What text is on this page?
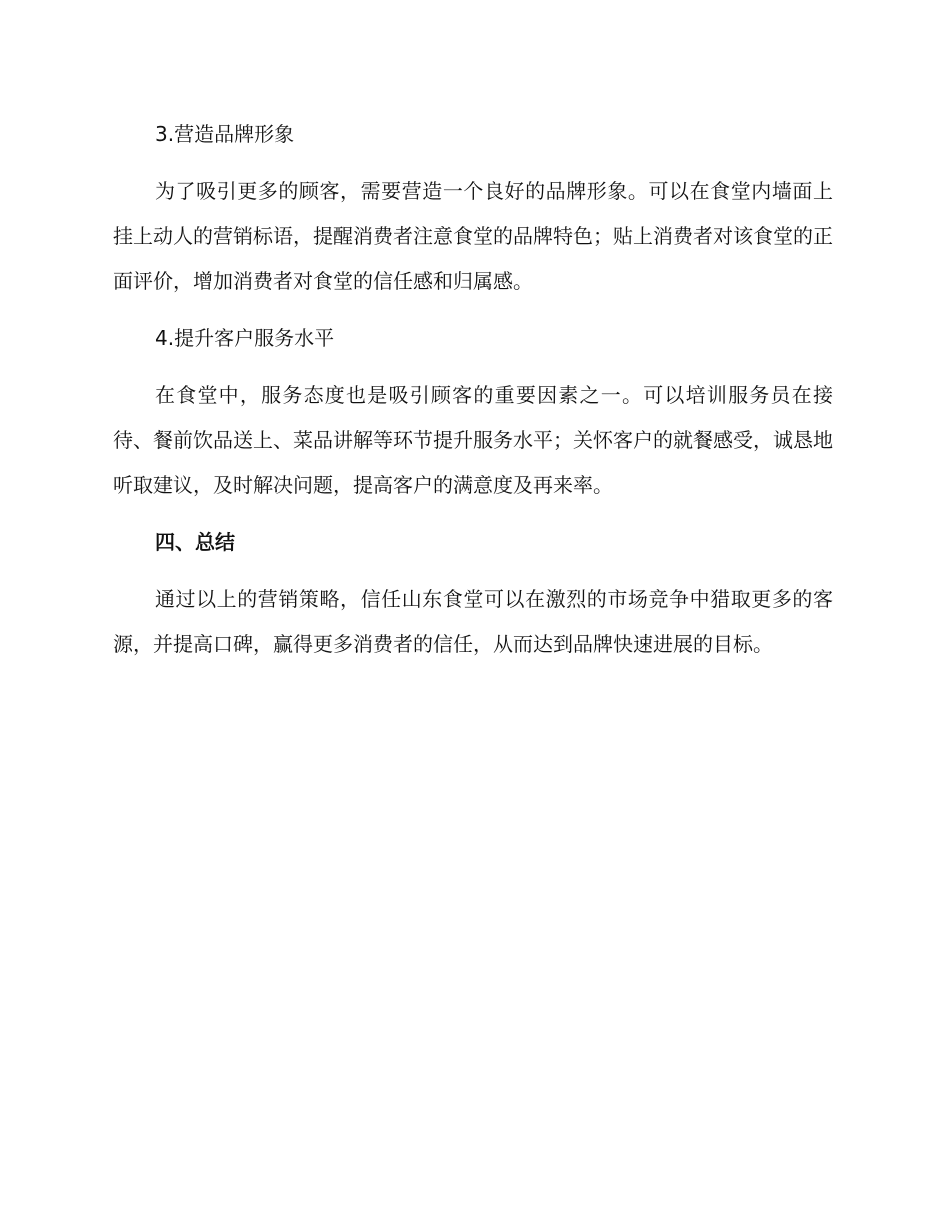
3.营造品牌形象

为了吸引更多的顾客，需要营造一个良好的品牌形象。可以在食堂内墙面上挂上动人的营销标语，提醒消费者注意食堂的品牌特色；贴上消费者对该食堂的正面评价，增加消费者对食堂的信任感和归属感。

4.提升客户服务水平

在食堂中，服务态度也是吸引顾客的重要因素之一。可以培训服务员在接待、餐前饮品送上、菜品讲解等环节提升服务水平；关怀客户的就餐感受，诚恳地听取建议，及时解决问题，提高客户的满意度及再来率。

四、总结

通过以上的营销策略，信任山东食堂可以在激烈的市场竞争中猎取更多的客源，并提高口碑，赢得更多消费者的信任，从而达到品牌快速进展的目标。
